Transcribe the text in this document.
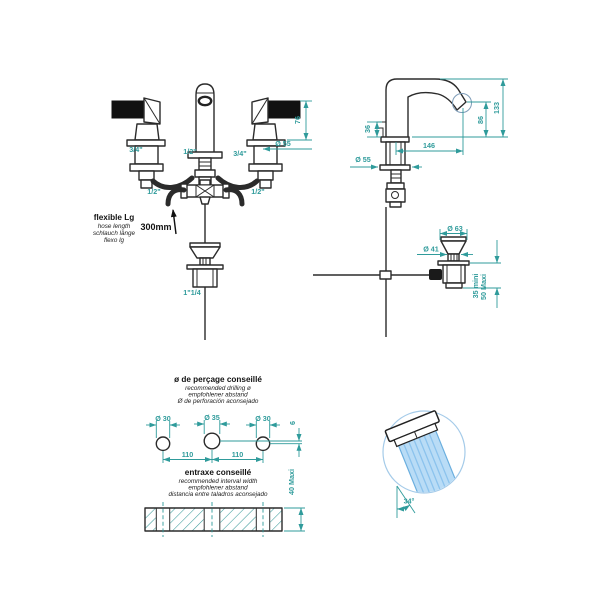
76
Ø 55
3/4"	1/2"	3/4"
1/2"	1/2"
1"1/4
flexible Lg
hose length
schlauch länge
flexo lg
300mm
133
86
146
36
Ø 55
Ø 63
Ø 41
35 mini 50 Maxi
ø de perçage conseillé
recommended drilling ø
empfohlener abstand
Ø de perforación aconsejado
Ø 30	Ø 35	Ø 30
110	110
6
entraxe conseillé
recommended interval width
empfohlener abstand
distancia entre taladros aconsejado	40 Maxi
34°
